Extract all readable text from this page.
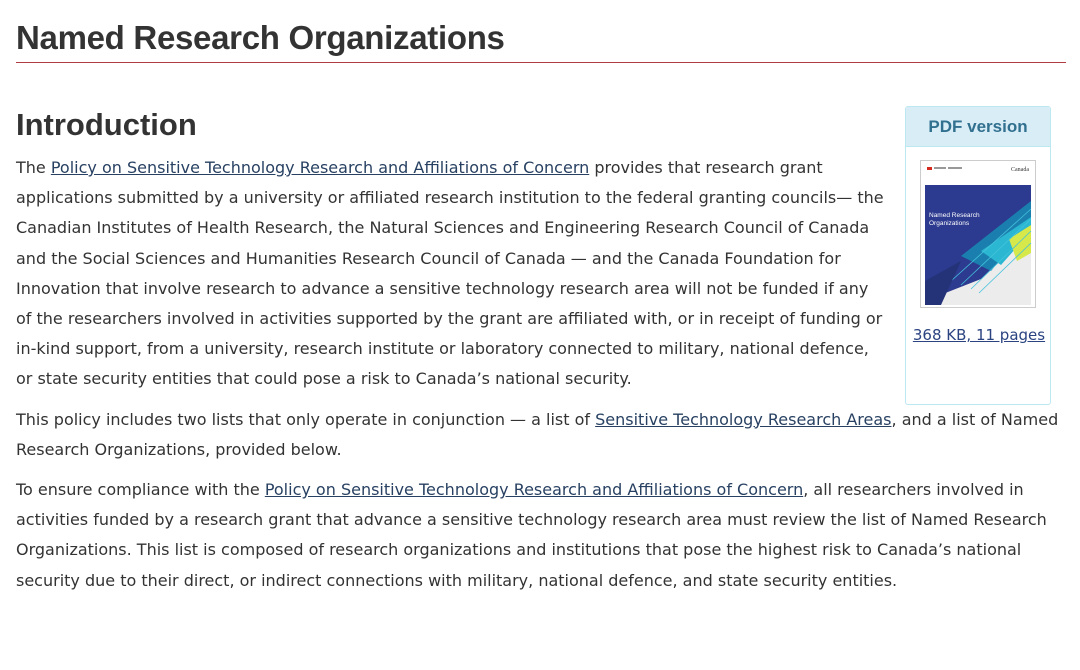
Named Research Organizations
Introduction

The Policy on Sensitive Technology Research and Affiliations of Concern provides that research grant applications submitted by a university or affiliated research institution to the federal granting councils— the Canadian Institutes of Health Research, the Natural Sciences and Engineering Research Council of Canada and the Social Sciences and Humanities Research Council of Canada — and the Canada Foundation for Innovation that involve research to advance a sensitive technology research area will not be funded if any of the researchers involved in activities supported by the grant are affiliated with, or in receipt of funding or in-kind support, from a university, research institute or laboratory connected to military, national defence, or state security entities that could pose a risk to Canada’s national security.

This policy includes two lists that only operate in conjunction — a list of Sensitive Technology Research Areas, and a list of Named Research Organizations, provided below.

To ensure compliance with the Policy on Sensitive Technology Research and Affiliations of Concern, all researchers involved in activities funded by a research grant that advance a sensitive technology research area must review the list of Named Research Organizations. This list is composed of research organizations and institutions that pose the highest risk to Canada’s national security due to their direct, or indirect connections with military, national defence, and state security entities.

PDF version
Canada
Named Research
Organizations
368 KB, 11 pages
